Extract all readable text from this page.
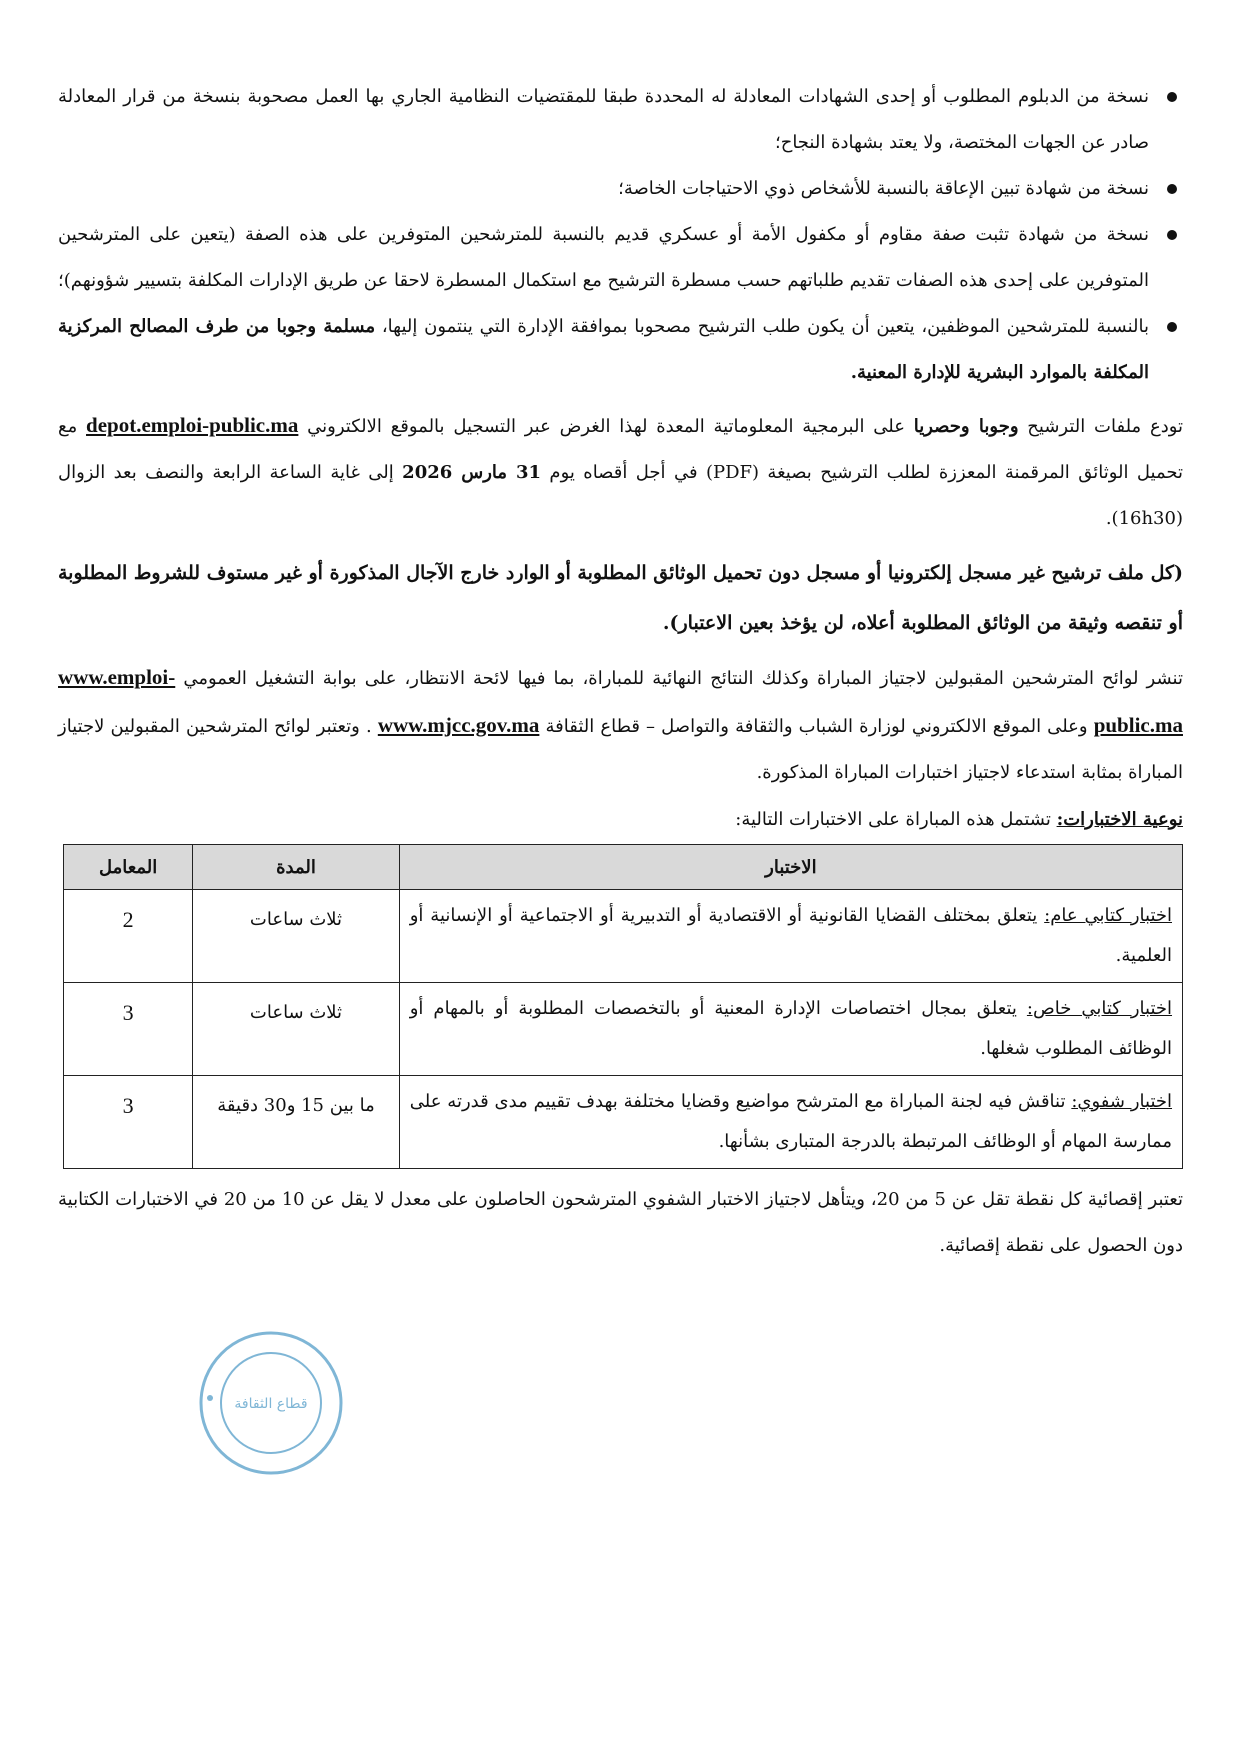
نسخة من الدبلوم المطلوب أو إحدى الشهادات المعادلة له المحددة طبقا للمقتضيات النظامية الجاري بها العمل مصحوبة بنسخة من قرار المعادلة صادر عن الجهات المختصة، ولا يعتد بشهادة النجاح؛
نسخة من شهادة تبين الإعاقة بالنسبة للأشخاص ذوي الاحتياجات الخاصة؛
نسخة من شهادة تثبت صفة مقاوم أو مكفول الأمة أو عسكري قديم بالنسبة للمترشحين المتوفرين على هذه الصفة (يتعين على المترشحين المتوفرين على إحدى هذه الصفات تقديم طلباتهم حسب مسطرة الترشيح مع استكمال المسطرة لاحقا عن طريق الإدارات المكلفة بتسيير شؤونهم)؛
بالنسبة للمترشحين الموظفين، يتعين أن يكون طلب الترشيح مصحوبا بموافقة الإدارة التي ينتمون إليها، مسلمة وجوبا من طرف المصالح المركزية المكلفة بالموارد البشرية للإدارة المعنية.

تودع ملفات الترشيح وجوبا وحصريا على البرمجية المعلوماتية المعدة لهذا الغرض عبر التسجيل بالموقع الالكتروني depot.emploi-public.ma مع تحميل الوثائق المرقمنة المعززة لطلب الترشيح بصيغة (PDF) في أجل أقصاه يوم 31 مارس 2026 إلى غاية الساعة الرابعة والنصف بعد الزوال (16h30).

(كل ملف ترشيح غير مسجل إلكترونيا أو مسجل دون تحميل الوثائق المطلوبة أو الوارد خارج الآجال المذكورة أو غير مستوف للشروط المطلوبة أو تنقصه وثيقة من الوثائق المطلوبة أعلاه، لن يؤخذ بعين الاعتبار).

تنشر لوائح المترشحين المقبولين لاجتياز المباراة وكذلك النتائج النهائية للمباراة، بما فيها لائحة الانتظار، على بوابة التشغيل العمومي www.emploi-public.ma وعلى الموقع الالكتروني لوزارة الشباب والثقافة والتواصل – قطاع الثقافة www.mjcc.gov.ma . وتعتبر لوائح المترشحين المقبولين لاجتياز المباراة بمثابة استدعاء لاجتياز اختبارات المباراة المذكورة.

نوعية الاختبارات: تشتمل هذه المباراة على الاختبارات التالية:
الاختبار	المدة	المعامل
اختبار كتابي عام: يتعلق بمختلف القضايا القانونية أو الاقتصادية أو التدبيرية أو الاجتماعية أو الإنسانية أو العلمية.	ثلاث ساعات	2
اختبار كتابي خاص: يتعلق بمجال اختصاصات الإدارة المعنية أو بالتخصصات المطلوبة أو بالمهام أو الوظائف المطلوب شغلها.	ثلاث ساعات	3
اختبار شفوي: تناقش فيه لجنة المباراة مع المترشح مواضيع وقضايا مختلفة بهدف تقييم مدى قدرته على ممارسة المهام أو الوظائف المرتبطة بالدرجة المتبارى بشأنها.	ما بين 15 و30 دقيقة	3

تعتبر إقصائية كل نقطة تقل عن 5 من 20، ويتأهل لاجتياز الاختبار الشفوي المترشحون الحاصلون على معدل لا يقل عن 10 من 20 في الاختبارات الكتابية دون الحصول على نقطة إقصائية.

قطاع الثقافة
